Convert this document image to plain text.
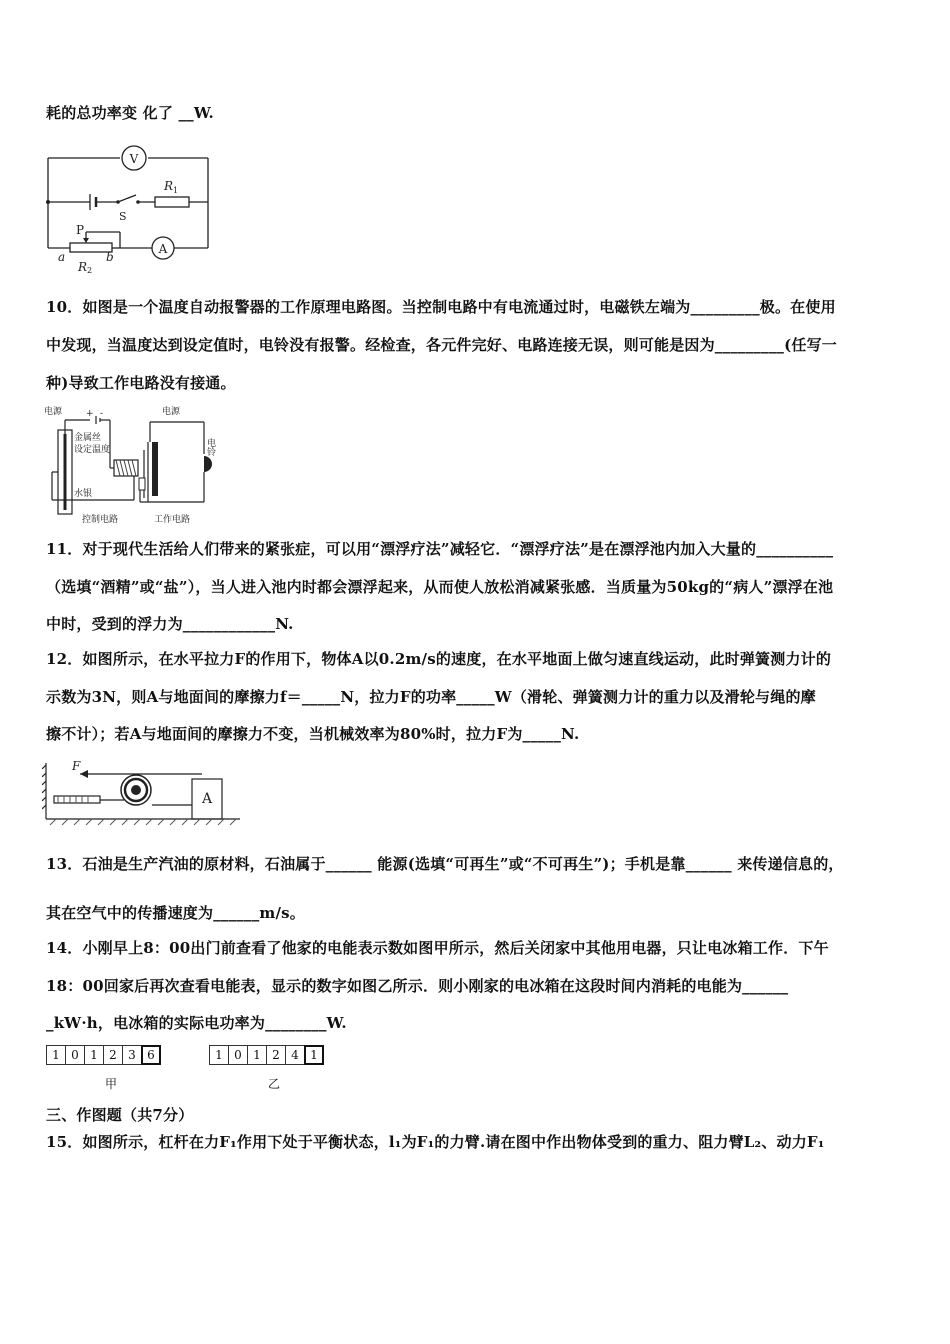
耗的总功率变 化了 __W.
V
A
R 1
S
P
a	b
R 2
10．如图是一个温度自动报警器的工作原理电路图。当控制电路中有电流通过时，电磁铁左端为_________极。在使用
中发现，当温度达到设定值时，电铃没有报警。经检查，各元件完好、电路连接无误，则可能是因为_________(任写一
种)导致工作电路没有接通。
电源	+ -	电源
金属丝
设定温度
水银
电铃
控制电路	工作电路
11．对于现代生活给人们带来的紧张症，可以用“漂浮疗法”减轻它．“漂浮疗法”是在漂浮池内加入大量的__________
（选填“酒精”或“盐”），当人进入池内时都会漂浮起来，从而使人放松消减紧张感．当质量为50kg的“病人”漂浮在池
中时，受到的浮力为____________N.
12．如图所示，在水平拉力F的作用下，物体A以0.2m/s的速度，在水平地面上做匀速直线运动，此时弹簧测力计的
示数为3N，则A与地面间的摩擦力f＝_____N，拉力F的功率_____W（滑轮、弹簧测力计的重力以及滑轮与绳的摩
擦不计）；若A与地面间的摩擦力不变，当机械效率为80%时，拉力F为_____N.
F
A
13．石油是生产汽油的原材料，石油属于______ 能源(选填“可再生”或“不可再生”)；手机是靠______ 来传递信息的，
其在空气中的传播速度为______m/s。
14．小刚早上8：00出门前查看了他家的电能表示数如图甲所示，然后关闭家中其他用电器，只让电冰箱工作．下午
18：00回家后再次查看电能表，显示的数字如图乙所示．则小刚家的电冰箱在这段时间内消耗的电能为______
_kW·h，电冰箱的实际电功率为________W.
1 0 1 2 3 6
甲
1 0 1 2 4 1
乙
三、作图题（共7分）
15．如图所示，杠杆在力F₁作用下处于平衡状态，l₁为F₁的力臂.请在图中作出物体受到的重力、阻力臂L₂、动力F₁
